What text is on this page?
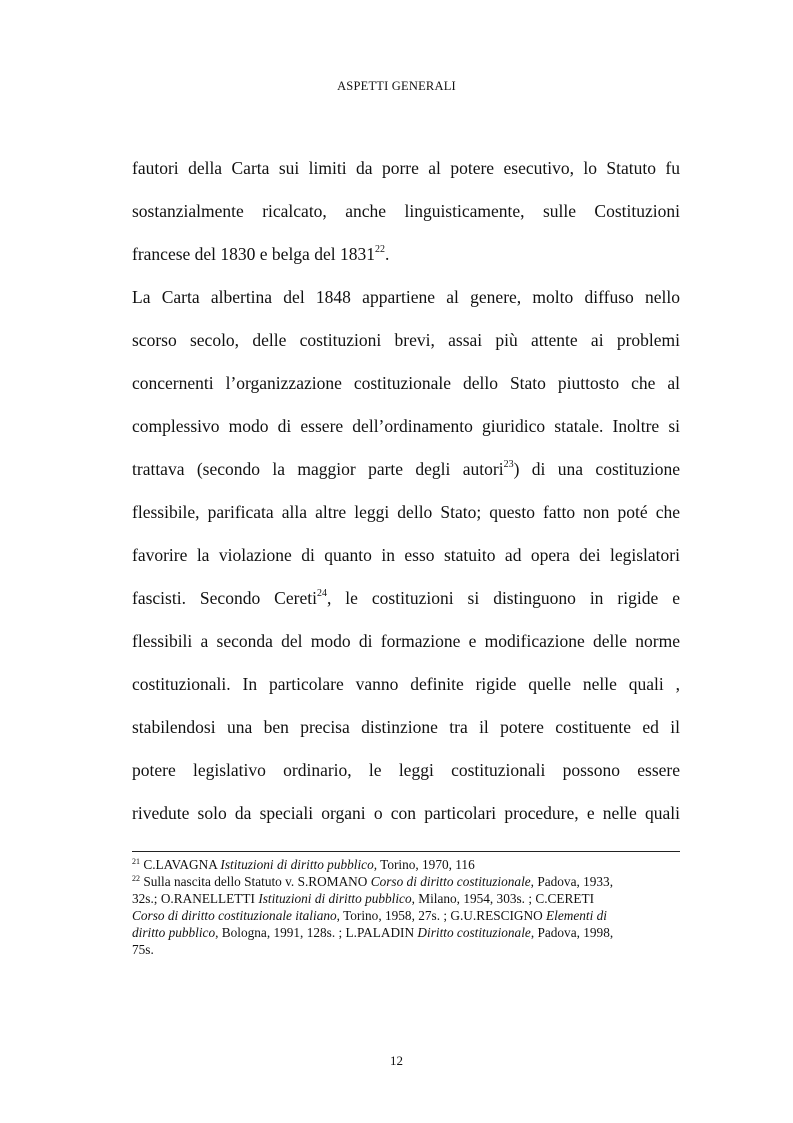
ASPETTI GENERALI
fautori della Carta sui limiti da porre al potere esecutivo, lo Statuto fu
sostanzialmente ricalcato, anche linguisticamente, sulle Costituzioni
francese del 1830 e belga del 1831$^{22}$.
La Carta albertina del 1848 appartiene al genere, molto diffuso nello
scorso secolo, delle costituzioni brevi, assai più attente ai problemi
concernenti l’organizzazione costituzionale dello Stato piuttosto che al
complessivo modo di essere dell’ordinamento giuridico statale. Inoltre si
trattava (secondo la maggior parte degli autori$^{23}$) di una costituzione
flessibile, parificata alla altre leggi dello Stato; questo fatto non poté che
favorire la violazione di quanto in esso statuito ad opera dei legislatori
fascisti. Secondo Cereti$^{24}$, le costituzioni si distinguono in rigide e
flessibili a seconda del modo di formazione e modificazione delle norme
costituzionali. In particolare vanno definite rigide quelle nelle quali ,
stabilendosi una ben precisa distinzione tra il potere costituente ed il
potere legislativo ordinario, le leggi costituzionali possono essere
rivedute solo da speciali organi o con particolari procedure, e nelle quali
$^{21}$ C.LAVAGNA Istituzioni di diritto pubblico, Torino, 1970, 116
$^{22}$ Sulla nascita dello Statuto v. S.ROMANO Corso di diritto costituzionale, Padova, 1933,
32s.; O.RANELLETTI Istituzioni di diritto pubblico, Milano, 1954, 303s. ; C.CERETI
Corso di diritto costituzionale italiano, Torino, 1958, 27s. ; G.U.RESCIGNO Elementi di
diritto pubblico, Bologna, 1991, 128s. ; L.PALADIN Diritto costituzionale, Padova, 1998,
75s.
12
